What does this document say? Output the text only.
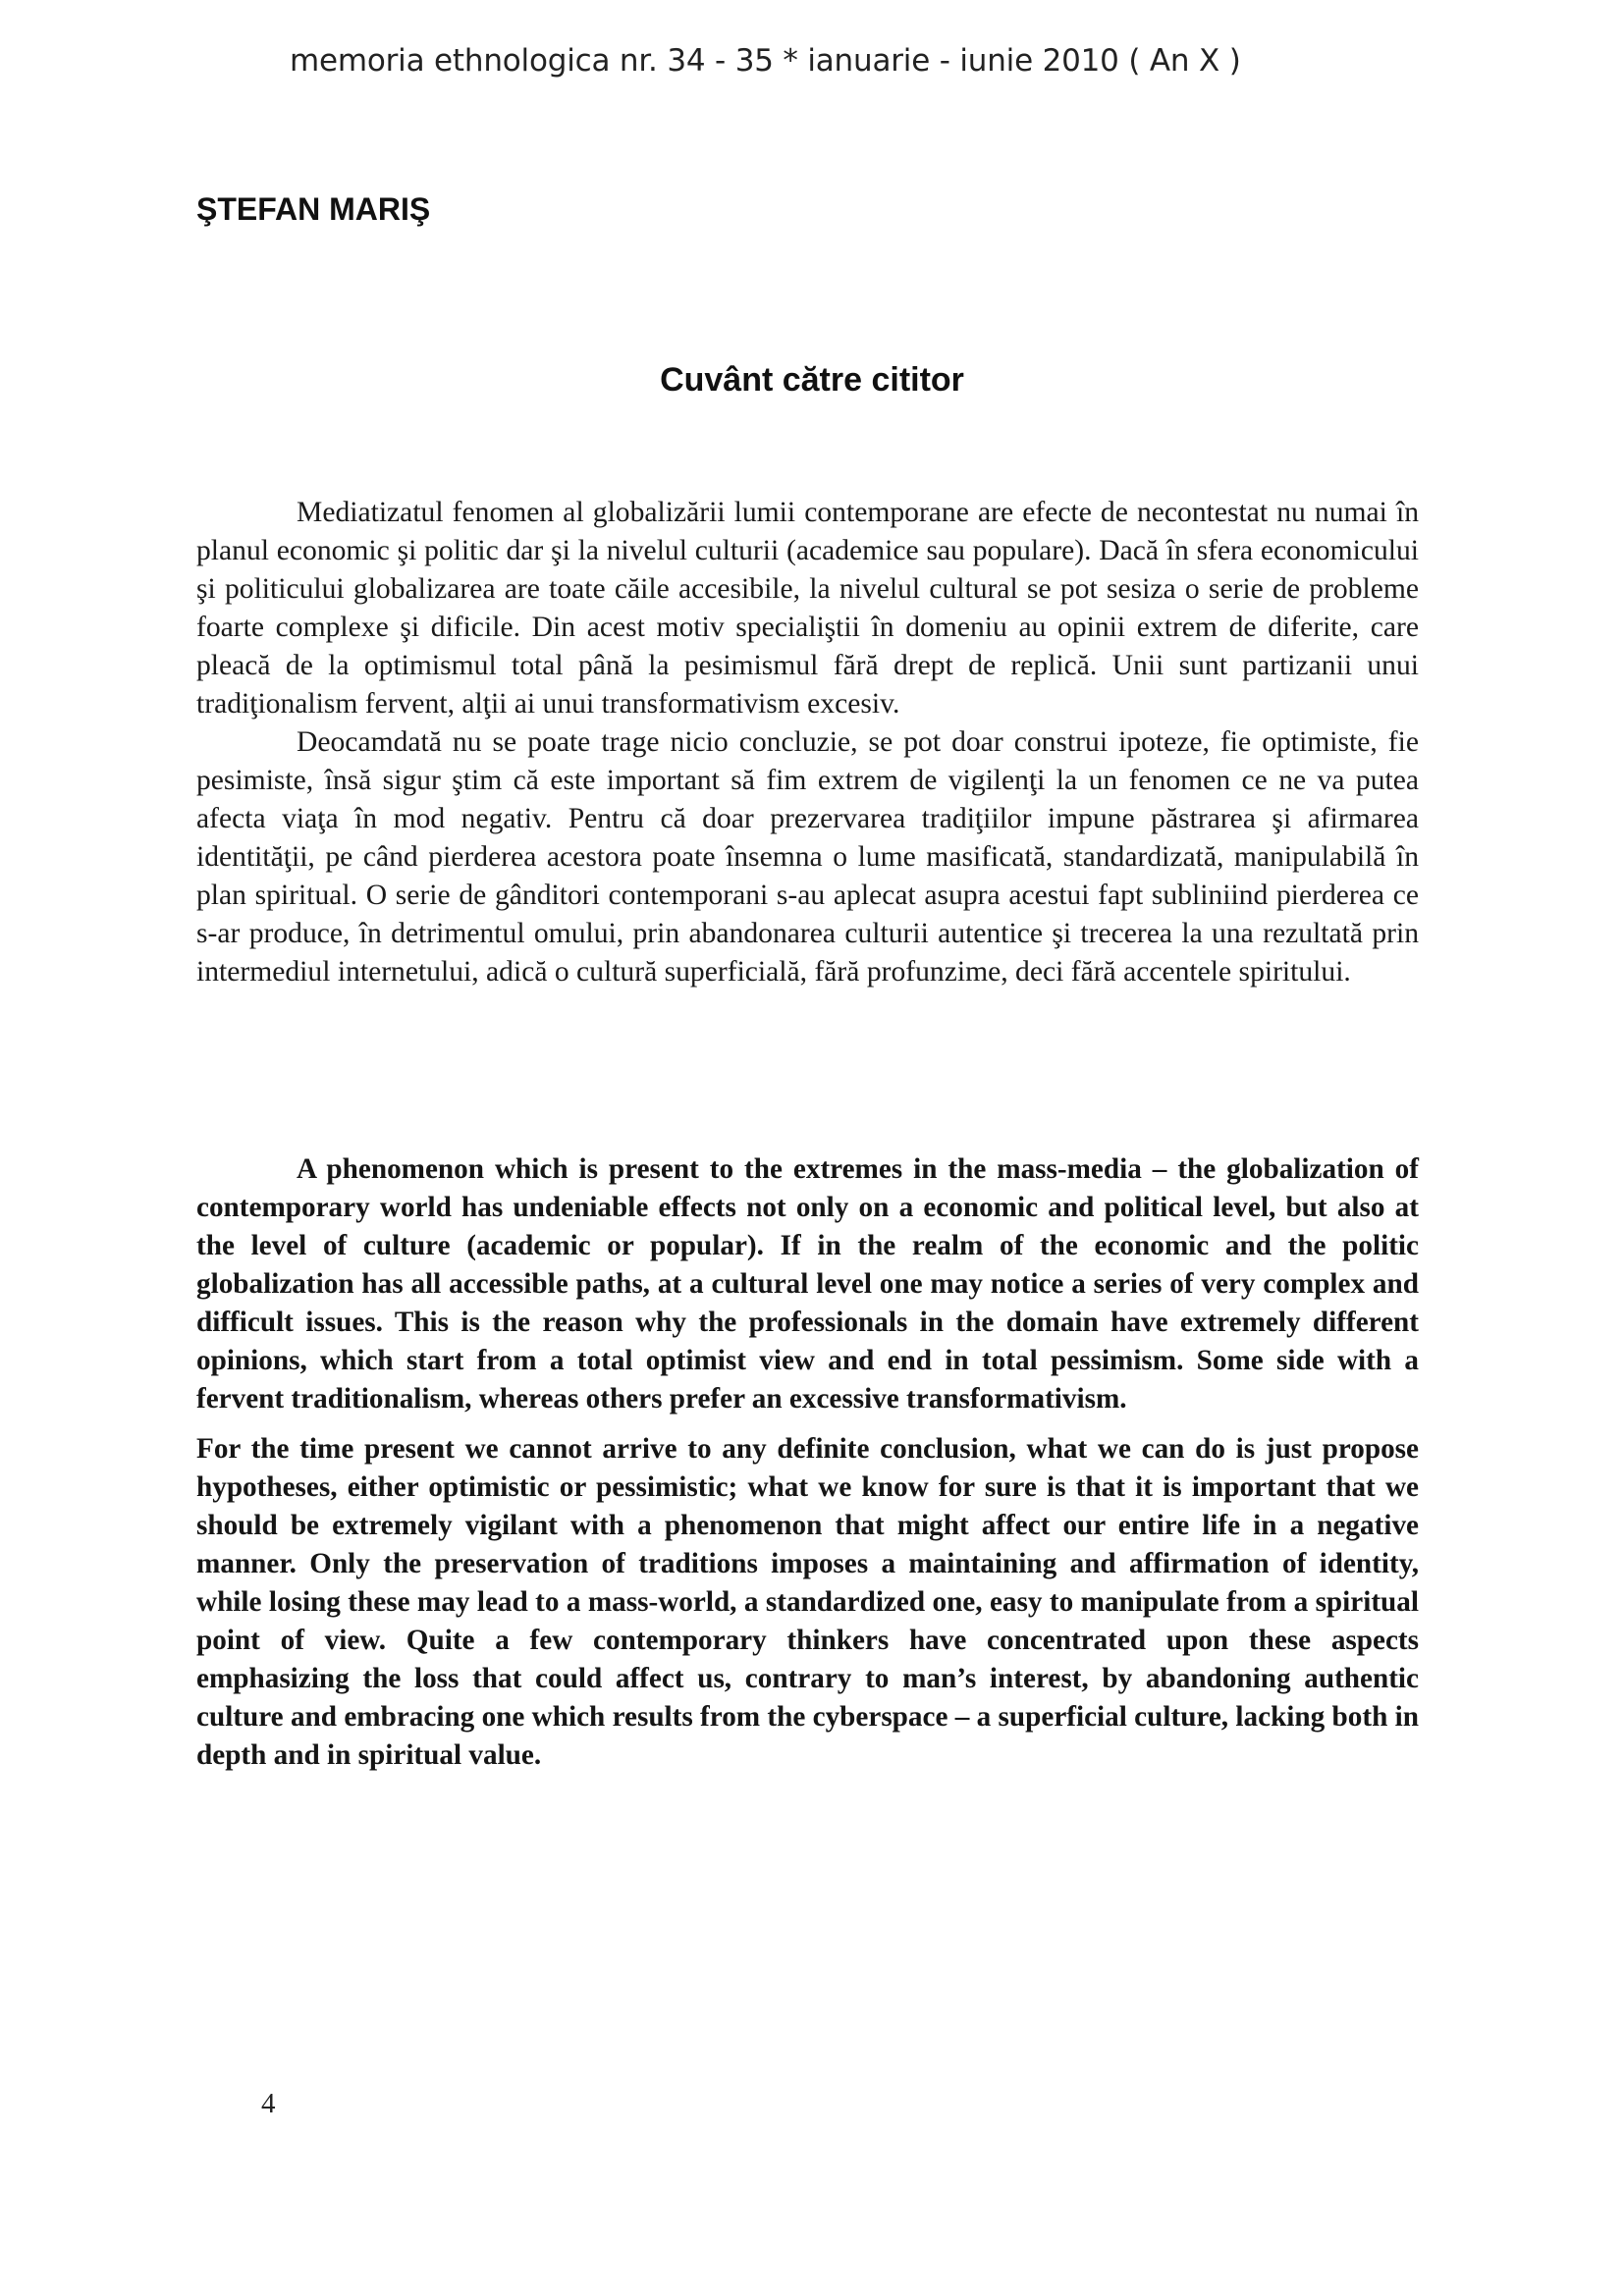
memoria ethnologica nr. 34 - 35 * ianuarie - iunie 2010 ( An X )
ŞTEFAN MARIŞ
Cuvânt către cititor

Mediatizatul fenomen al globalizării lumii contemporane are efecte de necontestat nu numai în planul economic şi politic dar şi la nivelul culturii (academice sau populare). Dacă în sfera economicului şi politicului globalizarea are toate căile accesibile, la nivelul cultural se pot sesiza o serie de probleme foarte complexe şi dificile. Din acest motiv specialiştii în domeniu au opinii extrem de diferite, care pleacă de la optimismul total până la pesimismul fără drept de replică. Unii sunt partizanii unui tradiţionalism fervent, alţii ai unui transformativism excesiv.

Deocamdată nu se poate trage nicio concluzie, se pot doar construi ipoteze, fie optimiste, fie pesimiste, însă sigur ştim că este important să fim extrem de vigilenţi la un fenomen ce ne va putea afecta viaţa în mod negativ. Pentru că doar prezervarea tradiţiilor impune păstrarea şi afirmarea identităţii, pe când pierderea acestora poate însemna o lume masificată, standardizată, manipulabilă în plan spiritual. O serie de gânditori contemporani s-au aplecat asupra acestui fapt subliniind pierderea ce s-ar produce, în detrimentul omului, prin abandonarea culturii autentice şi trecerea la una rezultată prin intermediul internetului, adică o cultură superficială, fără profunzime, deci fără accentele spiritului.

A phenomenon which is present to the extremes in the mass-media – the globalization of contemporary world has undeniable effects not only on a economic and political level, but also at the level of culture (academic or popular). If in the realm of the economic and the politic globalization has all accessible paths, at a cultural level one may notice a series of very complex and difficult issues. This is the reason why the professionals in the domain have extremely different opinions, which start from a total optimist view and end in total pessimism. Some side with a fervent traditionalism, whereas others prefer an excessive transformativism.

For the time present we cannot arrive to any definite conclusion, what we can do is just propose hypotheses, either optimistic or pessimistic; what we know for sure is that it is important that we should be extremely vigilant with a phenomenon that might affect our entire life in a negative manner. Only the preservation of traditions imposes a maintaining and affirmation of identity, while losing these may lead to a mass-world, a standardized one, easy to manipulate from a spiritual point of view. Quite a few contemporary thinkers have concentrated upon these aspects emphasizing the loss that could affect us, contrary to man’s interest, by abandoning authentic culture and embracing one which results from the cyberspace – a superficial culture, lacking both in depth and in spiritual value.

4
